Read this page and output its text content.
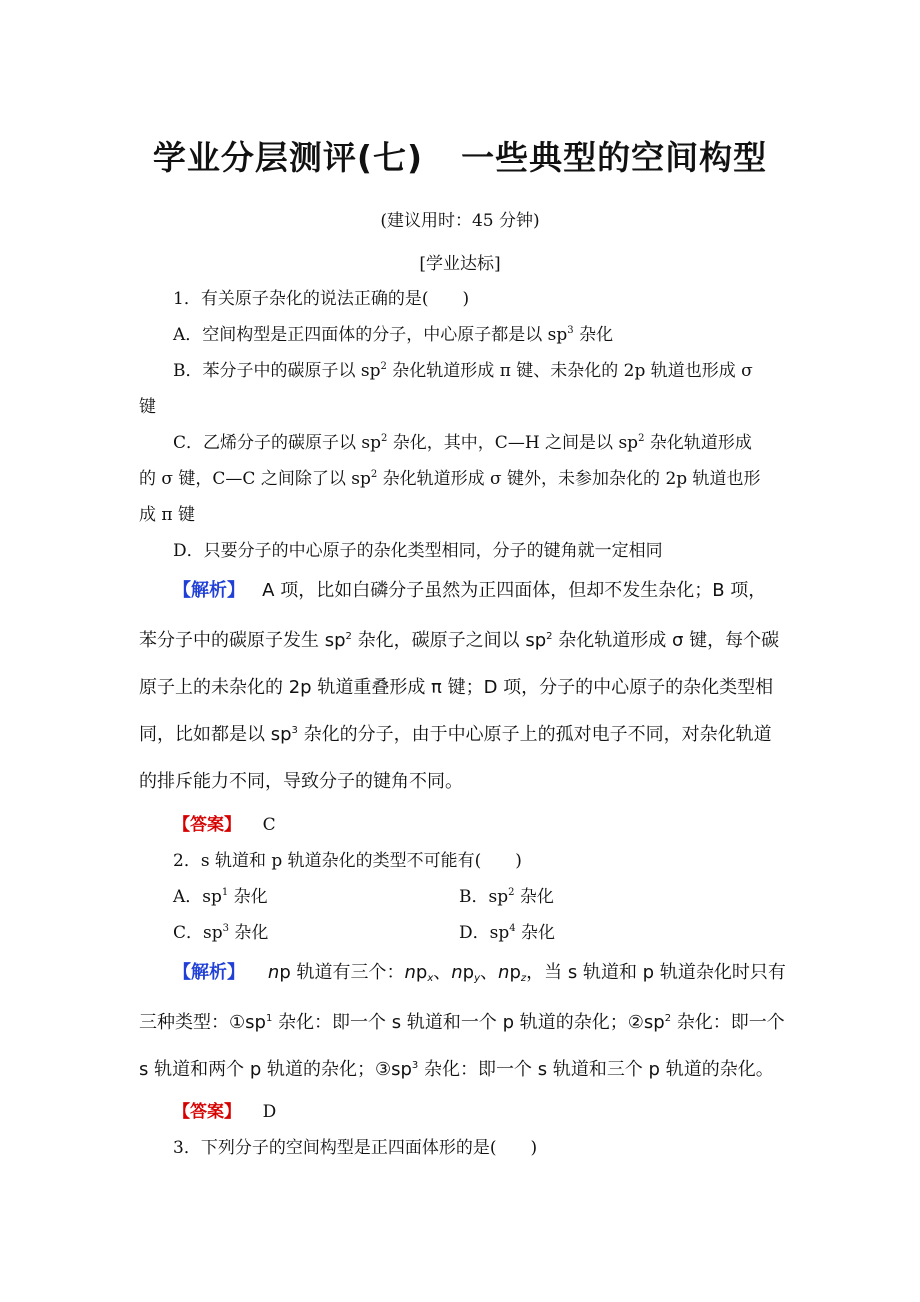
学业分层测评(七) 一些典型的空间构型
(建议用时：45 分钟)
[学业达标]
1．有关原子杂化的说法正确的是(　　)
A．空间构型是正四面体的分子，中心原子都是以 $sp^3$ 杂化
B．苯分子中的碳原子以 $sp^2$ 杂化轨道形成 π 键、未杂化的 2p 轨道也形成 σ
键
C．乙烯分子的碳原子以 $sp^2$ 杂化，其中，C—H 之间是以 $sp^2$ 杂化轨道形成
的 σ 键，C—C 之间除了以 $sp^2$ 杂化轨道形成 σ 键外，未参加杂化的 2p 轨道也形
成 π 键
D．只要分子的中心原子的杂化类型相同，分子的键角就一定相同
【解析】 A 项，比如白磷分子虽然为正四面体，但却不发生杂化；B 项，
苯分子中的碳原子发生 $sp^2$ 杂化，碳原子之间以 $sp^2$ 杂化轨道形成 σ 键，每个碳
原子上的未杂化的 2p 轨道重叠形成 π 键；D 项，分子的中心原子的杂化类型相
同，比如都是以 $sp^3$ 杂化的分子，由于中心原子上的孤对电子不同，对杂化轨道
的排斥能力不同，导致分子的键角不同。
【答案】 C
2．s 轨道和 p 轨道杂化的类型不可能有(　　)
A．$sp^1$ 杂化	B．$sp^2$ 杂化
C．$sp^3$ 杂化	D．$sp^4$ 杂化
【解析】 np 轨道有三个：$np_x$、$np_y$、$np_z$，当 s 轨道和 p 轨道杂化时只有
三种类型：$①sp^1$ 杂化：即一个 s 轨道和一个 p 轨道的杂化；$②sp^2$ 杂化：即一个
s 轨道和两个 p 轨道的杂化；$③sp^3$ 杂化：即一个 s 轨道和三个 p 轨道的杂化。
【答案】 D
3．下列分子的空间构型是正四面体形的是(　　)
